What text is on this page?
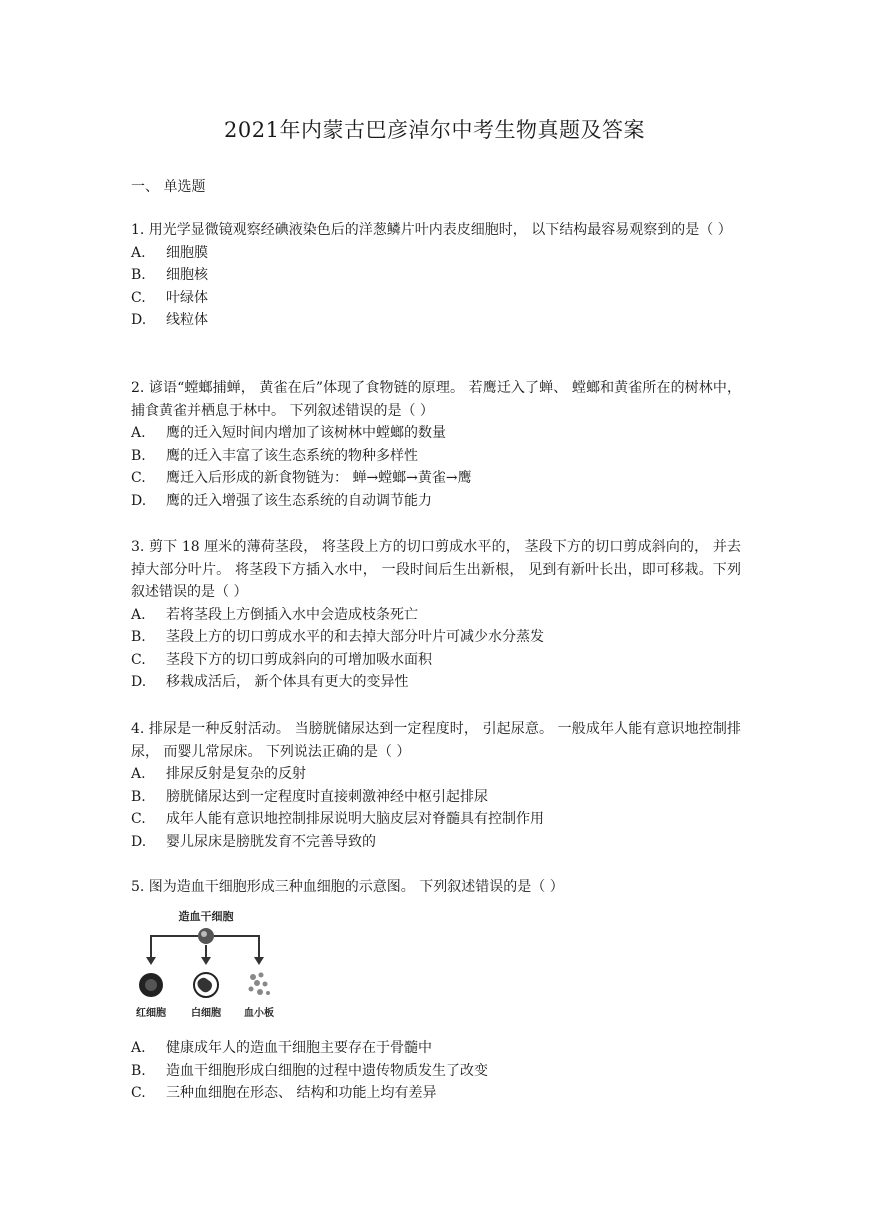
2021年内蒙古巴彦淖尔中考生物真题及答案
一、 单选题
1. 用光学显微镜观察经碘液染色后的洋葱鳞片叶内表皮细胞时， 以下结构最容易观察到的是（ ）
A. 细胞膜
B. 细胞核
C. 叶绿体
D. 线粒体
2. 谚语“螳螂捕蝉， 黄雀在后”体现了食物链的原理。 若鹰迁入了蝉、 螳螂和黄雀所在的树林中， 捕食黄雀并栖息于林中。 下列叙述错误的是（ ）
A. 鹰的迁入短时间内增加了该树林中螳螂的数量
B. 鹰的迁入丰富了该生态系统的物种多样性
C. 鹰迁入后形成的新食物链为： 蝉→螳螂→黄雀→鹰
D. 鹰的迁入增强了该生态系统的自动调节能力
3. 剪下 18 厘米的薄荷茎段， 将茎段上方的切口剪成水平的， 茎段下方的切口剪成斜向的， 并去掉大部分叶片。 将茎段下方插入水中， 一段时间后生出新根， 见到有新叶长出，即可移栽。下列叙述错误的是（ ）
A. 若将茎段上方倒插入水中会造成枝条死亡
B. 茎段上方的切口剪成水平的和去掉大部分叶片可减少水分蒸发
C. 茎段下方的切口剪成斜向的可增加吸水面积
D. 移栽成活后， 新个体具有更大的变异性
4. 排尿是一种反射活动。 当膀胱储尿达到一定程度时， 引起尿意。 一般成年人能有意识地控制排尿， 而婴儿常尿床。 下列说法正确的是（ ）
A. 排尿反射是复杂的反射
B. 膀胱储尿达到一定程度时直接刺激神经中枢引起排尿
C. 成年人能有意识地控制排尿说明大脑皮层对脊髓具有控制作用
D. 婴儿尿床是膀胱发育不完善导致的
5. 图为造血干细胞形成三种血细胞的示意图。 下列叙述错误的是（ ）
造血干细胞
红细胞	白细胞 血小板
A. 健康成年人的造血干细胞主要存在于骨髓中
B. 造血干细胞形成白细胞的过程中遗传物质发生了改变
C. 三种血细胞在形态、 结构和功能上均有差异
